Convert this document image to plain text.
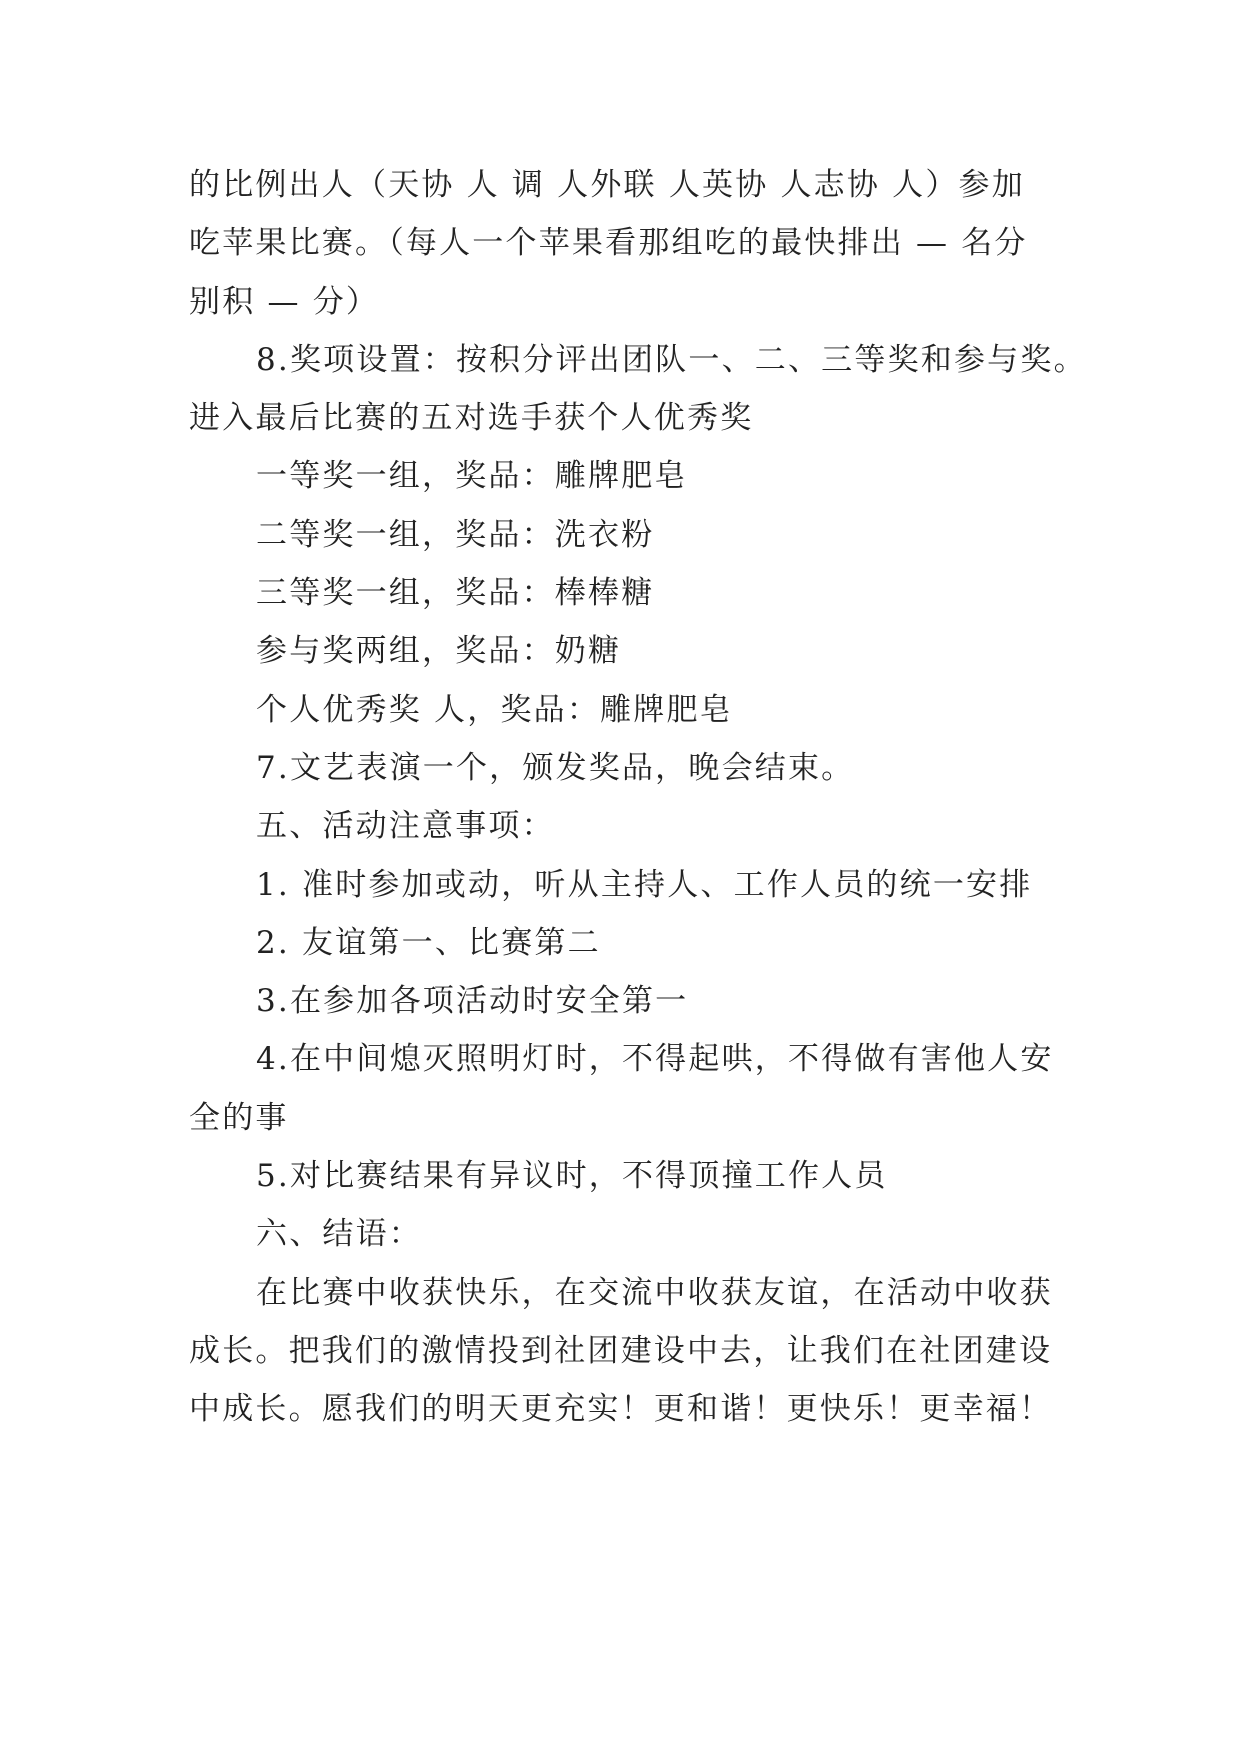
的比例出人（天协 人 调 人外联 人英协 人志协 人）参加
吃苹果比赛。（每人一个苹果看那组吃的最快排出 — 名分
别积 — 分）
8.奖项设置：按积分评出团队一、二、三等奖和参与奖。
进入最后比赛的五对选手获个人优秀奖
一等奖一组，奖品：雕牌肥皂
二等奖一组，奖品：洗衣粉
三等奖一组，奖品：棒棒糖
参与奖两组，奖品：奶糖
个人优秀奖 人，奖品：雕牌肥皂
7.文艺表演一个，颁发奖品，晚会结束。
五、活动注意事项：
1. 准时参加或动，听从主持人、工作人员的统一安排
2. 友谊第一、比赛第二
3.在参加各项活动时安全第一
4.在中间熄灭照明灯时，不得起哄，不得做有害他人安
全的事
5.对比赛结果有异议时，不得顶撞工作人员
六、结语：
在比赛中收获快乐，在交流中收获友谊，在活动中收获
成长。把我们的激情投到社团建设中去，让我们在社团建设
中成长。愿我们的明天更充实！更和谐！更快乐！更幸福！
